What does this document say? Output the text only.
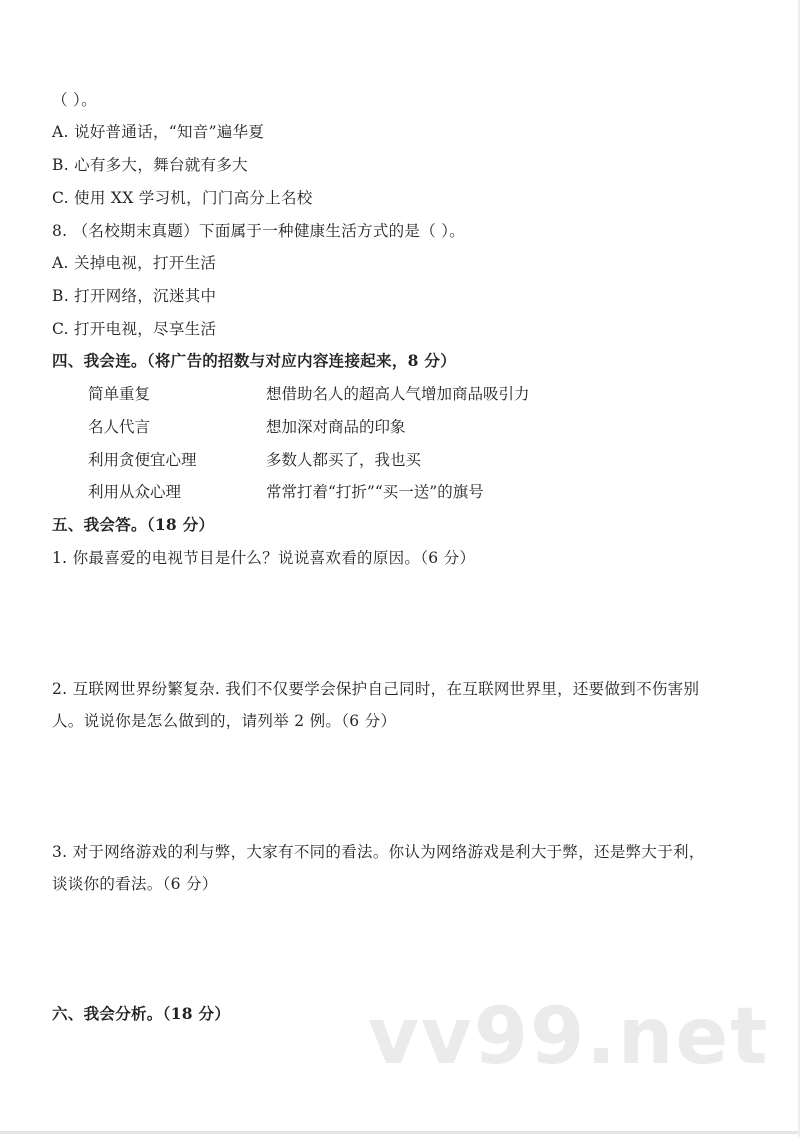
（ ）。
A. 说好普通话，“知音”遍华夏
B. 心有多大，舞台就有多大
C. 使用 XX 学习机，门门高分上名校
8. （名校期末真题）下面属于一种健康生活方式的是（ ）。
A. 关掉电视，打开生活
B. 打开网络，沉迷其中
C. 打开电视，尽享生活
四、我会连。（将广告的招数与对应内容连接起来，8 分）
简单重复	想借助名人的超高人气增加商品吸引力
名人代言	想加深对商品的印象
利用贪便宜心理	多数人都买了，我也买
利用从众心理	常常打着“打折”“买一送”的旗号
五、我会答。（18 分）
1. 你最喜爱的电视节目是什么？说说喜欢看的原因。（6 分）
2. 互联网世界纷繁复杂. 我们不仅要学会保护自己同时，在互联网世界里，还要做到不伤害别
人。说说你是怎么做到的，请列举 2 例。（6 分）
3. 对于网络游戏的利与弊，大家有不同的看法。你认为网络游戏是利大于弊，还是弊大于利，
谈谈你的看法。（6 分）
六、我会分析。（18 分） vv99.net
